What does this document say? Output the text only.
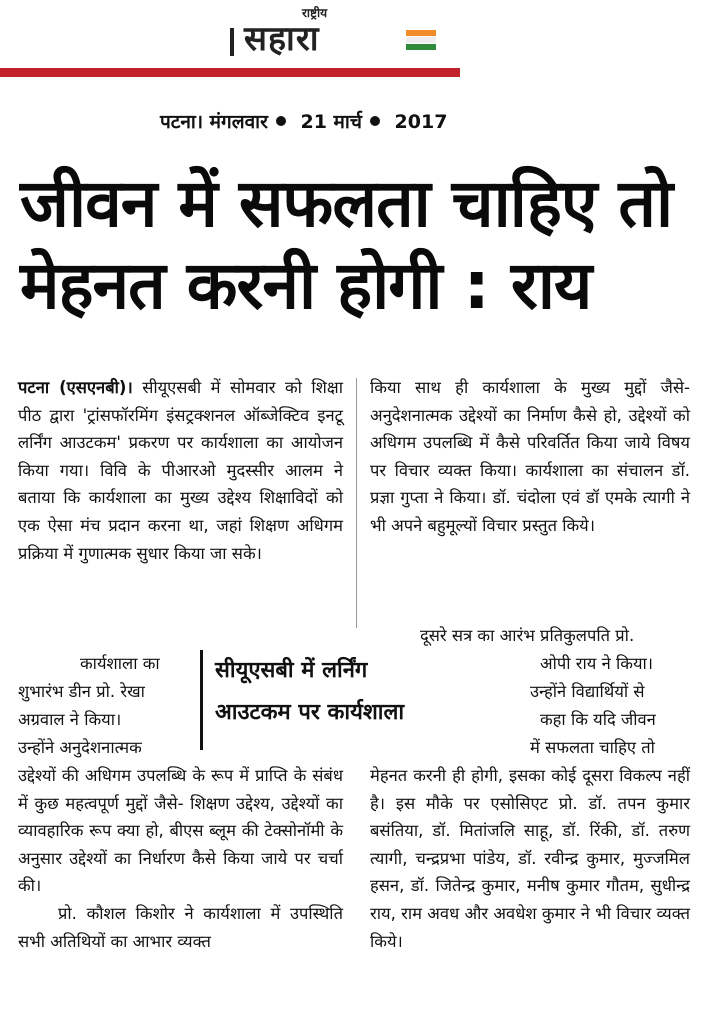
राष्ट्रीय
सहारा
पटना। मंगलवार 21 मार्च 2017
जीवन में सफलता चाहिए तो
मेहनत करनी होगी : राय

पटना (एसएनबी)। सीयूएसबी में सोमवार को शिक्षा पीठ द्वारा 'ट्रांसफॉरमिंग इंसट्रक्शनल ऑब्जेक्टिव इनटू लर्निंग आउटकम' प्रकरण पर कार्यशाला का आयोजन किया गया। विवि के पीआरओ मुदस्सीर आलम ने बताया कि कार्यशाला का मुख्य उद्देश्य शिक्षाविदों को एक ऐसा मंच प्रदान करना था, जहां शिक्षण अधिगम प्रक्रिया में गुणात्मक सुधार किया जा सके।

कार्यशाला का
शुभारंभ डीन प्रो. रेखा
अग्रवाल ने किया।
उन्होंने अनुदेशनात्मक

उद्देश्यों की अधिगम उपलब्धि के रूप में प्राप्ति के संबंध में कुछ महत्वपूर्ण मुद्दों जैसे- शिक्षण उद्देश्य, उद्देश्यों का व्यावहारिक रूप क्या हो, बीएस ब्लूम की टेक्सोनॉमी के अनुसार उद्देश्यों का निर्धारण कैसे किया जाये पर चर्चा की।

प्रो. कौशल किशोर ने कार्यशाला में उपस्थिति सभी अतिथियों का आभार व्यक्त

किया साथ ही कार्यशाला के मुख्य मुद्दों जैसे-अनुदेशनात्मक उद्देश्यों का निर्माण कैसे हो, उद्देश्यों को अधिगम उपलब्धि में कैसे परिवर्तित किया जाये विषय पर विचार व्यक्त किया। कार्यशाला का संचालन डॉ. प्रज्ञा गुप्ता ने किया। डॉ. चंदोला एवं डॉ एमके त्यागी ने भी अपने बहुमूल्यों विचार प्रस्तुत किये।

दूसरे सत्र का आरंभ प्रतिकुलपति प्रो.
ओपी राय ने किया।
उन्होंने विद्यार्थियों से
कहा कि यदि जीवन
में सफलता चाहिए तो

मेहनत करनी ही होगी, इसका कोई दूसरा विकल्प नहीं है। इस मौके पर एसोसिएट प्रो. डॉ. तपन कुमार बसंतिया, डॉ. मितांजलि साहू, डॉ. रिंकी, डॉ. तरुण त्यागी, चन्द्रप्रभा पांडेय, डॉ. रवीन्द्र कुमार, मुज्जमिल हसन, डॉ. जितेन्द्र कुमार, मनीष कुमार गौतम, सुधीन्द्र राय, राम अवध और अवधेश कुमार ने भी विचार व्यक्त किये।

सीयूएसबी में लर्निंग
आउटकम पर कार्यशाला
